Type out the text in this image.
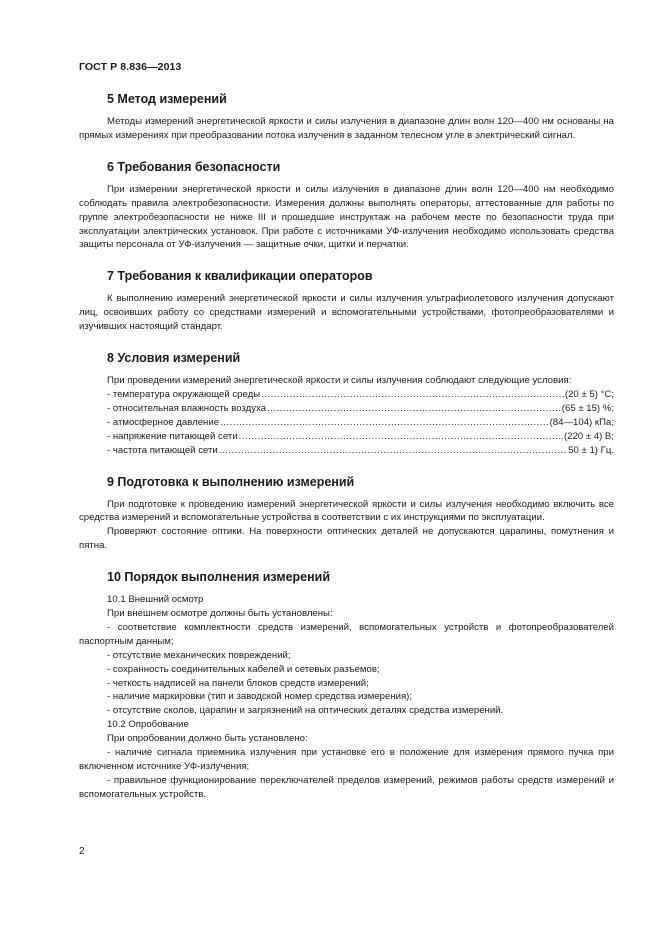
ГОСТ Р 8.836—2013
5 Метод измерений

Методы измерений энергетической яркости и силы излучения в диапазоне длин волн 120—400 нм основаны на прямых измерениях при преобразовании потока излучения в заданном телесном угле в электрический сигнал.

6 Требования безопасности

При измерении энергетической яркости и силы излучения в диапазоне длин волн 120—400 нм необходимо соблюдать правила электробезопасности. Измерения должны выполнять операторы, аттестованные для работы по группе электробезопасности не ниже III и прошедшие инструктаж на рабочем месте по безопасности труда при эксплуатации электрических установок. При работе с источниками УФ-излучения необходимо использовать средства защиты персонала от УФ-излучения — защитные очки, щитки и перчатки.

7 Требования к квалификации операторов

К выполнению измерений энергетической яркости и силы излучения ультрафиолетового излучения допускают лиц, освоивших работу со средствами измерений и вспомогательными устройствами, фотопреобразователями и изучивших настоящий стандарт.

8 Условия измерений

При проведении измерений энергетической яркости и силы излучения соблюдают следующие условия:

- температура окружающей среды .....	(20 ± 5) °C;
- относительная влажность воздуха .....	(65 ± 15) %;
- атмосферное давление .....	(84—104) кПа;
- напряжение питающей сети .....	(220 ± 4) В;
- частота питающей сети .....	50 ± 1) Гц.
9 Подготовка к выполнению измерений

При подготовке к проведению измерений энергетической яркости и силы излучения необходимо включить все средства измерений и вспомогательные устройства в соответствии с их инструкциями по эксплуатации.

Проверяют состояние оптики. На поверхности оптических деталей не допускаются царапины, помутнения и пятна.

10 Порядок выполнения измерений

10.1 Внешний осмотр

При внешнем осмотре должны быть установлены:

- соответствие комплектности средств измерений, вспомогательных устройств и фотопреобразователей паспортным данным;

- отсутствие механических повреждений;

- сохранность соединительных кабелей и сетевых разъемов;

- четкость надписей на панели блоков средств измерений;

- наличие маркировки (тип и заводской номер средства измерения);

- отсутствие сколов, царапин и загрязнений на оптических деталях средства измерений.

10.2 Опробование

При опробовании должно быть установлено:

- наличие сигнала приемника излучения при установке его в положение для измерения прямого пучка при включенном источнике УФ-излучения;

- правильное функционирование переключателей пределов измерений, режимов работы средств измерений и вспомогательных устройств.

2
